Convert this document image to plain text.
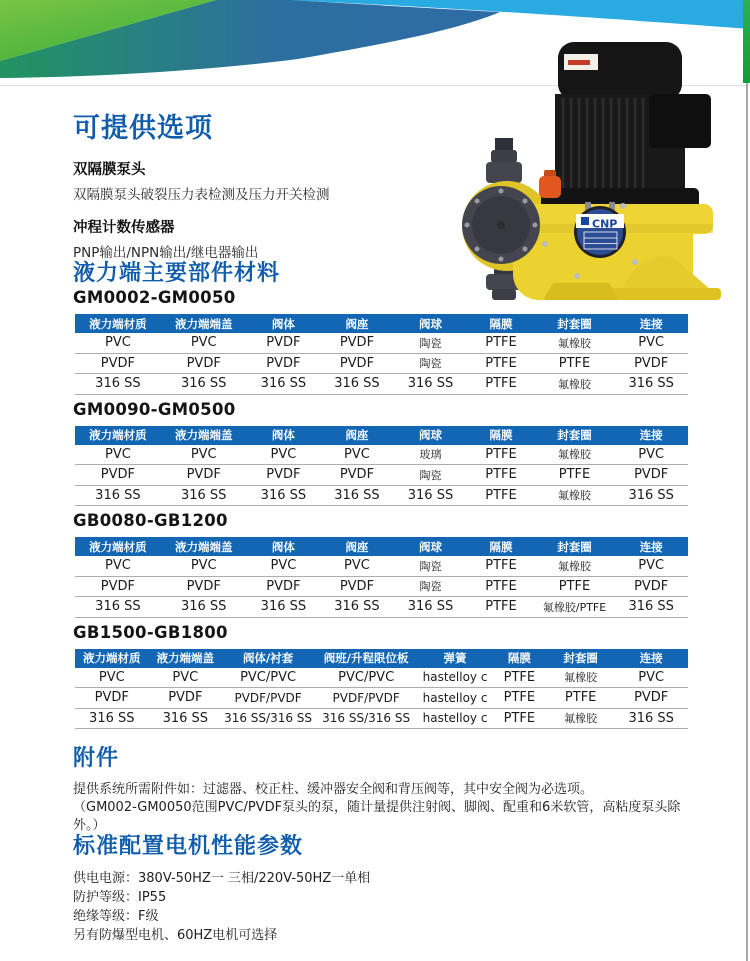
CNP
可提供选项

双隔膜泵头

双隔膜泵头破裂压力表检测及压力开关检测

冲程计数传感器

PNP输出/NPN输出/继电器输出

液力端主要部件材料

GM0002-GM0050

液力端材质	液力端端盖	阀体	阀座	阀球	隔膜	封套圈	连接
PVC	PVC	PVDF	PVDF	陶瓷	PTFE	氟橡胶	PVC
PVDF	PVDF	PVDF	PVDF	陶瓷	PTFE	PTFE	PVDF
316 SS	316 SS	316 SS	316 SS	316 SS	PTFE	氟橡胶	316 SS

GM0090-GM0500

液力端材质	液力端端盖	阀体	阀座	阀球	隔膜	封套圈	连接
PVC	PVC	PVC	PVC	玻璃	PTFE	氟橡胶	PVC
PVDF	PVDF	PVDF	PVDF	陶瓷	PTFE	PTFE	PVDF
316 SS	316 SS	316 SS	316 SS	316 SS	PTFE	氟橡胶	316 SS

GB0080-GB1200

液力端材质	液力端端盖	阀体	阀座	阀球	隔膜	封套圈	连接
PVC	PVC	PVC	PVC	陶瓷	PTFE	氟橡胶	PVC
PVDF	PVDF	PVDF	PVDF	陶瓷	PTFE	PTFE	PVDF
316 SS	316 SS	316 SS	316 SS	316 SS	PTFE	氟橡胶/PTFE	316 SS

GB1500-GB1800

液力端材质	液力端端盖	阀体/衬套	阀班/升程限位板	弹簧	隔膜	封套圈	连接
PVC	PVC	PVC/PVC	PVC/PVC	hastelloy c	PTFE	氟橡胶	PVC
PVDF	PVDF	PVDF/PVDF	PVDF/PVDF	hastelloy c	PTFE	PTFE	PVDF
316 SS	316 SS	316 SS/316 SS	316 SS/316 SS	hastelloy c	PTFE	氟橡胶	316 SS
附件

提供系统所需附件如：过滤器、校正柱、缓冲器安全阀和背压阀等，其中安全阀为必选项。

（GM002-GM0050范围PVC/PVDF泵头的泵，随计量提供注射阀、脚阀、配重和6米软管，高粘度泵头除外。）

标准配置电机性能参数

供电电源：380V-50HZ一 三相/220V-50HZ一单相

防护等级：IP55

绝缘等级：F级

另有防爆型电机、60HZ电机可选择
